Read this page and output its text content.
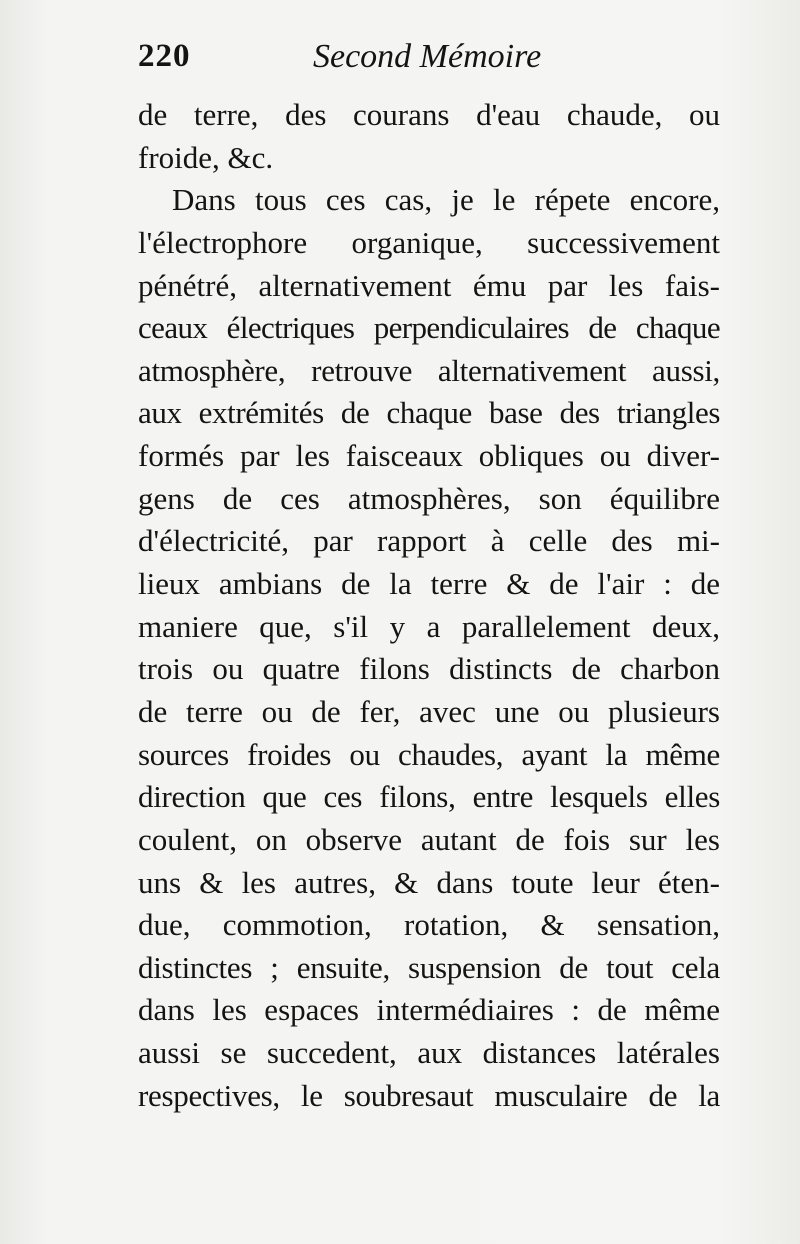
220	Second Mémoire
de terre, des courans d'eau chaude, ou
froide, &c.
Dans tous ces cas, je le répete encore,
l'électrophore organique, successivement
pénétré, alternativement ému par les fais-
ceaux électriques perpendiculaires de chaque
atmosphère, retrouve alternativement aussi,
aux extrémités de chaque base des triangles
formés par les faisceaux obliques ou diver-
gens de ces atmosphères, son équilibre
d'électricité, par rapport à celle des mi-
lieux ambians de la terre & de l'air : de
maniere que, s'il y a parallelement deux,
trois ou quatre filons distincts de charbon
de terre ou de fer, avec une ou plusieurs
sources froides ou chaudes, ayant la même
direction que ces filons, entre lesquels elles
coulent, on observe autant de fois sur les
uns & les autres, & dans toute leur éten-
due, commotion, rotation, & sensation,
distinctes ; ensuite, suspension de tout cela
dans les espaces intermédiaires : de même
aussi se succedent, aux distances latérales
respectives, le soubresaut musculaire de la
